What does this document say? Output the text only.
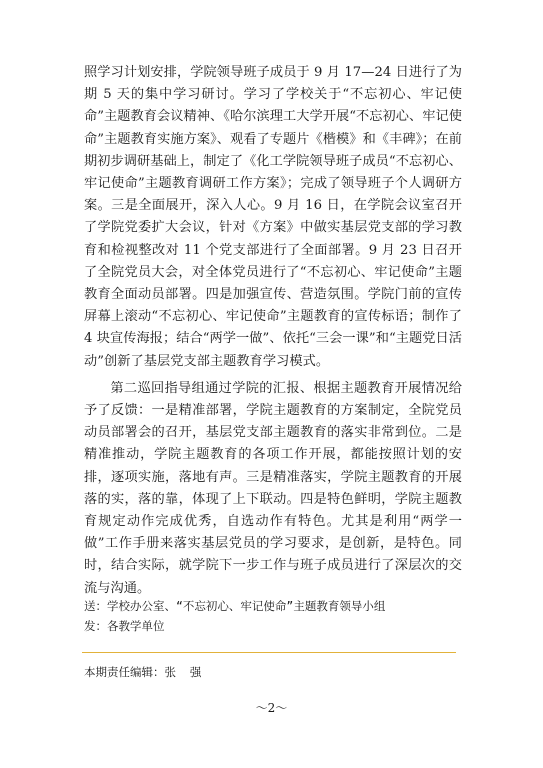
照学习计划安排，学院领导班子成员于 9 月 17—24 日进行了为期 5 天的集中学习研讨。学习了学校关于“不忘初心、牢记使命”主题教育会议精神、《哈尔滨理工大学开展“不忘初心、牢记使命”主题教育实施方案》、观看了专题片《楷模》和《丰碑》；在前期初步调研基础上，制定了《化工学院领导班子成员“不忘初心、牢记使命”主题教育调研工作方案》；完成了领导班子个人调研方案。三是全面展开，深入人心。9 月 16 日，在学院会议室召开了学院党委扩大会议，针对《方案》中做实基层党支部的学习教育和检视整改对 11 个党支部进行了全面部署。9 月 23 日召开了全院党员大会，对全体党员进行了“不忘初心、牢记使命”主题教育全面动员部署。四是加强宣传、营造氛围。学院门前的宣传屏幕上滚动“不忘初心、牢记使命”主题教育的宣传标语；制作了 4 块宣传海报；结合“两学一做”、依托“三会一课”和“主题党日活动”创新了基层党支部主题教育学习模式。

第二巡回指导组通过学院的汇报、根据主题教育开展情况给予了反馈：一是精准部署，学院主题教育的方案制定，全院党员动员部署会的召开，基层党支部主题教育的落实非常到位。二是精准推动，学院主题教育的各项工作开展，都能按照计划的安排，逐项实施，落地有声。三是精准落实，学院主题教育的开展落的实，落的靠，体现了上下联动。四是特色鲜明，学院主题教育规定动作完成优秀，自选动作有特色。尤其是利用“两学一做”工作手册来落实基层党员的学习要求，是创新，是特色。同时，结合实际，就学院下一步工作与班子成员进行了深层次的交流与沟通。

送：学校办公室、“不忘初心、牢记使命”主题教育领导小组
发：各教学单位
本期责任编辑：张  强
～2～
